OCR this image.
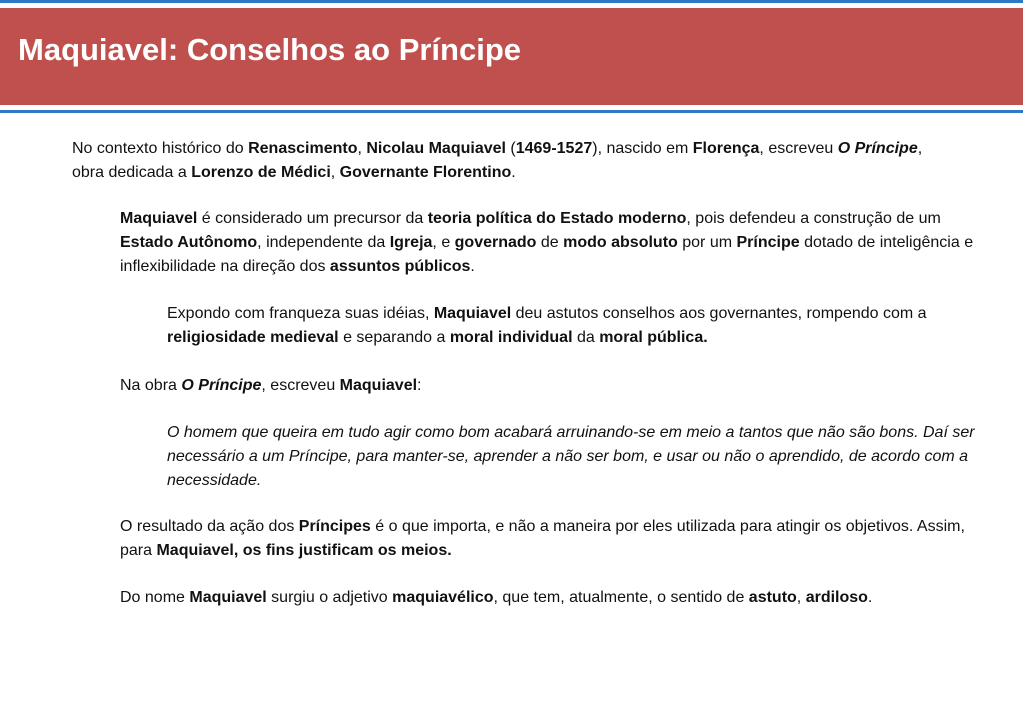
Maquiavel: Conselhos ao Príncipe

No contexto histórico do Renascimento, Nicolau Maquiavel (1469-1527), nascido em Florença, escreveu O Príncipe, obra dedicada a Lorenzo de Médici, Governante Florentino.

Maquiavel é considerado um precursor da teoria política do Estado moderno, pois defendeu a construção de um Estado Autônomo, independente da Igreja, e governado de modo absoluto por um Príncipe dotado de inteligência e inflexibilidade na direção dos assuntos públicos.

Expondo com franqueza suas idéias, Maquiavel deu astutos conselhos aos governantes, rompendo com a religiosidade medieval e separando a moral individual da moral pública.

Na obra O Príncipe, escreveu Maquiavel:

O homem que queira em tudo agir como bom acabará arruinando-se em meio a tantos que não são bons. Daí ser necessário a um Príncipe, para manter-se, aprender a não ser bom, e usar ou não o aprendido, de acordo com a necessidade.

O resultado da ação dos Príncipes é o que importa, e não a maneira por eles utilizada para atingir os objetivos. Assim, para Maquiavel, os fins justificam os meios.

Do nome Maquiavel surgiu o adjetivo maquiavélico, que tem, atualmente, o sentido de astuto, ardiloso.
